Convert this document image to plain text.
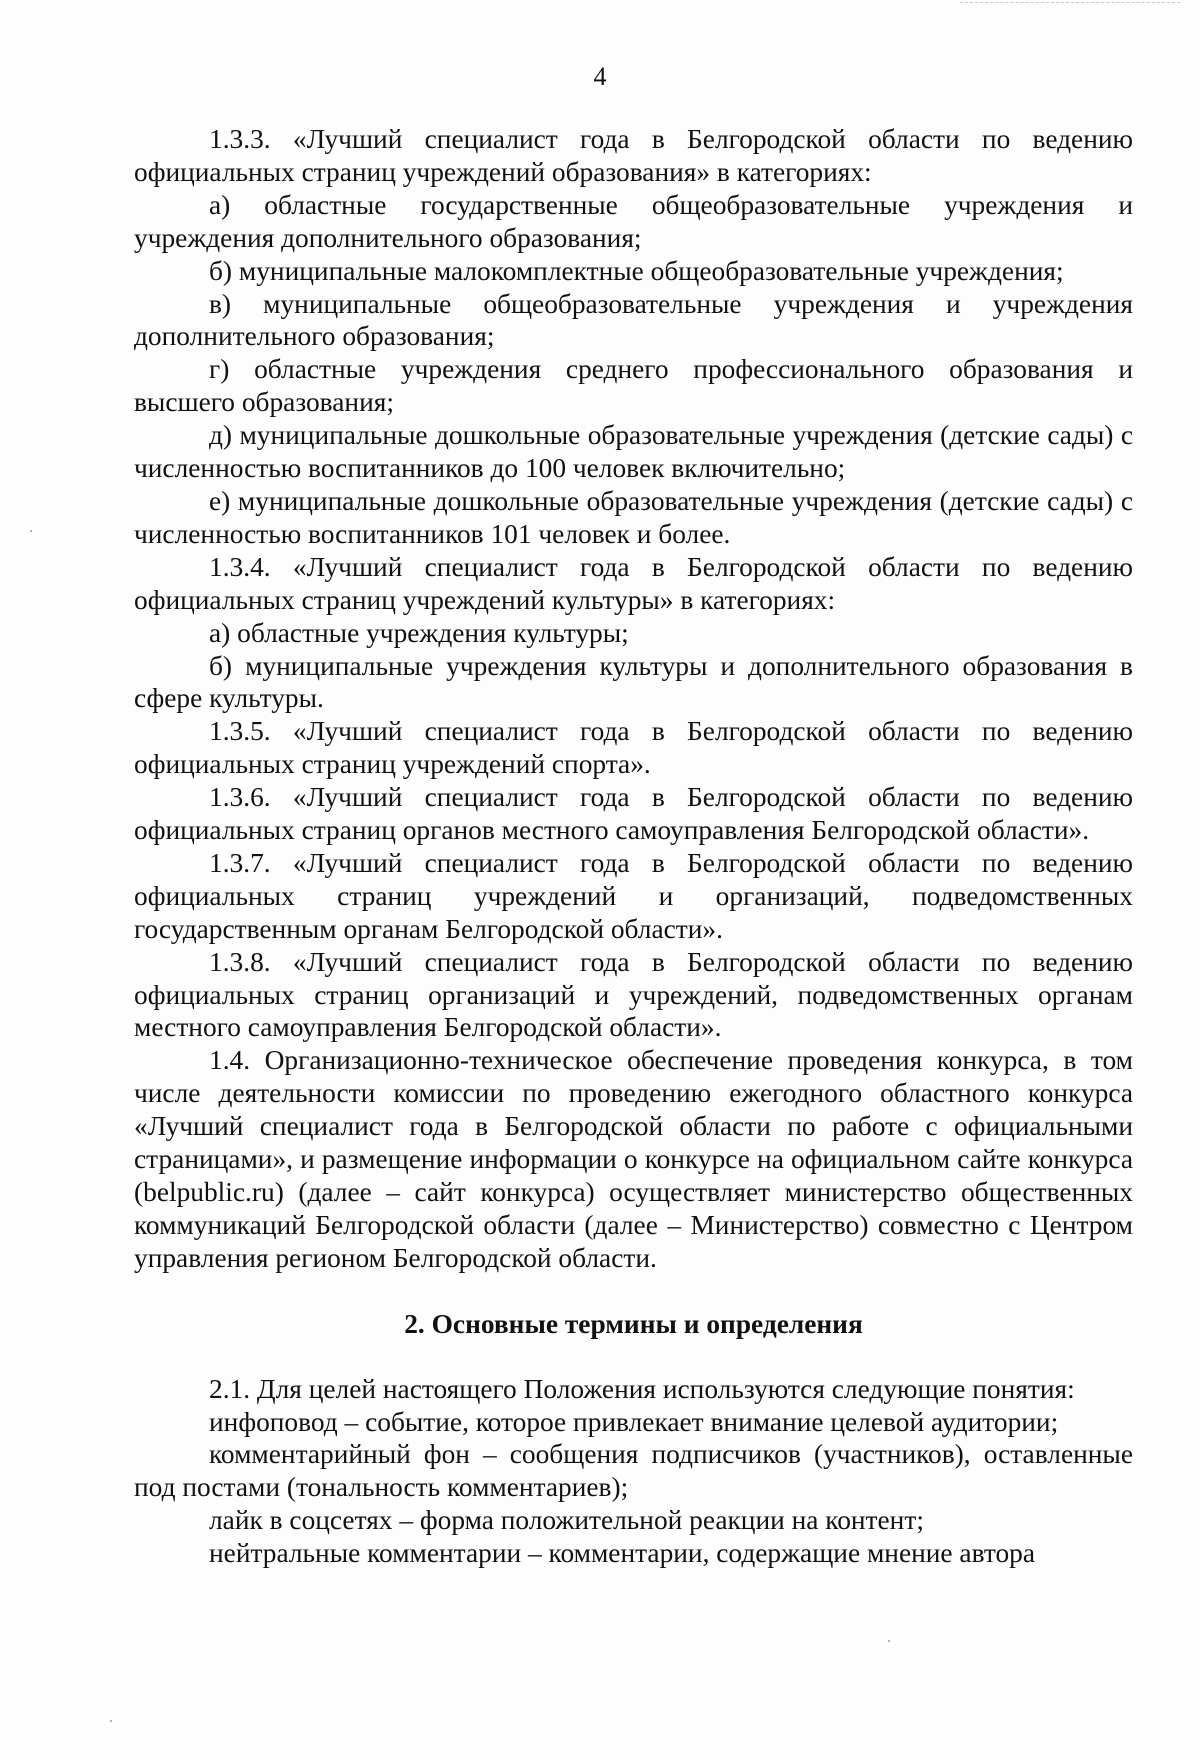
4

1.3.3. «Лучший специалист года в Белгородской области по ведению официальных страниц учреждений образования» в категориях:

а) областные государственные общеобразовательные учреждения и учреждения дополнительного образования;

б) муниципальные малокомплектные общеобразовательные учреждения;

в) муниципальные общеобразовательные учреждения и учреждения дополнительного образования;

г) областные учреждения среднего профессионального образования и высшего образования;

д) муниципальные дошкольные образовательные учреждения (детские сады) с численностью воспитанников до 100 человек включительно;

е) муниципальные дошкольные образовательные учреждения (детские сады) с численностью воспитанников 101 человек и более.

1.3.4. «Лучший специалист года в Белгородской области по ведению официальных страниц учреждений культуры» в категориях:

а) областные учреждения культуры;

б) муниципальные учреждения культуры и дополнительного образования в сфере культуры.

1.3.5. «Лучший специалист года в Белгородской области по ведению официальных страниц учреждений спорта».

1.3.6. «Лучший специалист года в Белгородской области по ведению официальных страниц органов местного самоуправления Белгородской области».

1.3.7. «Лучший специалист года в Белгородской области по ведению официальных страниц учреждений и организаций, подведомственных государственным органам Белгородской области».

1.3.8. «Лучший специалист года в Белгородской области по ведению официальных страниц организаций и учреждений, подведомственных органам местного самоуправления Белгородской области».

1.4. Организационно-техническое обеспечение проведения конкурса, в том числе деятельности комиссии по проведению ежегодного областного конкурса «Лучший специалист года в Белгородской области по работе с официальными страницами», и размещение информации о конкурсе на официальном сайте конкурса (belpublic.ru) (далее – сайт конкурса) осуществляет министерство общественных коммуникаций Белгородской области (далее – Министерство) совместно с Центром управления регионом Белгородской области.

2. Основные термины и определения

2.1. Для целей настоящего Положения используются следующие понятия:

инфоповод – событие, которое привлекает внимание целевой аудитории;

комментарийный фон – сообщения подписчиков (участников), оставленные под постами (тональность комментариев);

лайк в соцсетях – форма положительной реакции на контент;

нейтральные комментарии – комментарии, содержащие мнение автора
